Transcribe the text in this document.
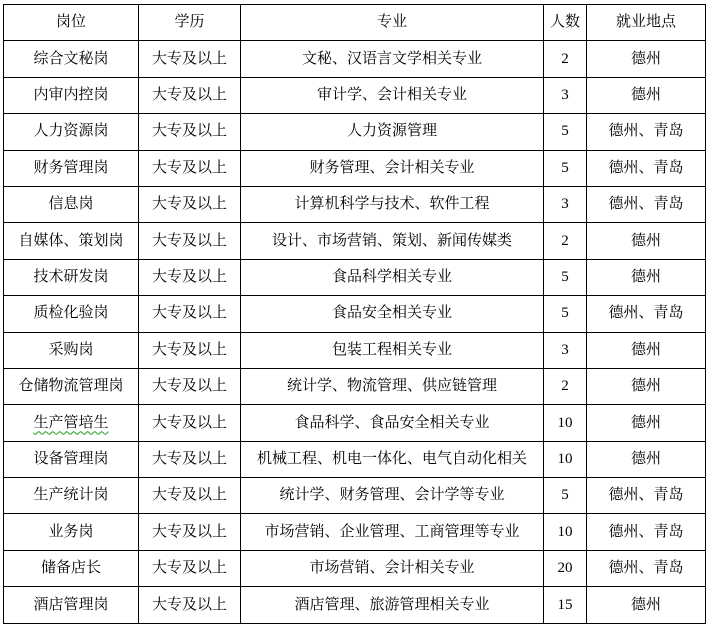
岗位	学历	专业	人数	就业地点
综合文秘岗	大专及以上	文秘、汉语言文学相关专业	2	德州
内审内控岗	大专及以上	审计学、会计相关专业	3	德州
人力资源岗	大专及以上	人力资源管理	5	德州、青岛
财务管理岗	大专及以上	财务管理、会计相关专业	5	德州、青岛
信息岗	大专及以上	计算机科学与技术、软件工程	3	德州、青岛
自媒体、策划岗	大专及以上	设计、市场营销、策划、新闻传媒类	2	德州
技术研发岗	大专及以上	食品科学相关专业	5	德州
质检化验岗	大专及以上	食品安全相关专业	5	德州、青岛
采购岗	大专及以上	包装工程相关专业	3	德州
仓储物流管理岗	大专及以上	统计学、物流管理、供应链管理	2	德州
生产管培生	大专及以上	食品科学、食品安全相关专业	10	德州
设备管理岗	大专及以上	机械工程、机电一体化、电气自动化相关	10	德州
生产统计岗	大专及以上	统计学、财务管理、会计学等专业	5	德州、青岛
业务岗	大专及以上	市场营销、企业管理、工商管理等专业	10	德州、青岛
储备店长	大专及以上	市场营销、会计相关专业	20	德州、青岛
酒店管理岗	大专及以上	酒店管理、旅游管理相关专业	15	德州
